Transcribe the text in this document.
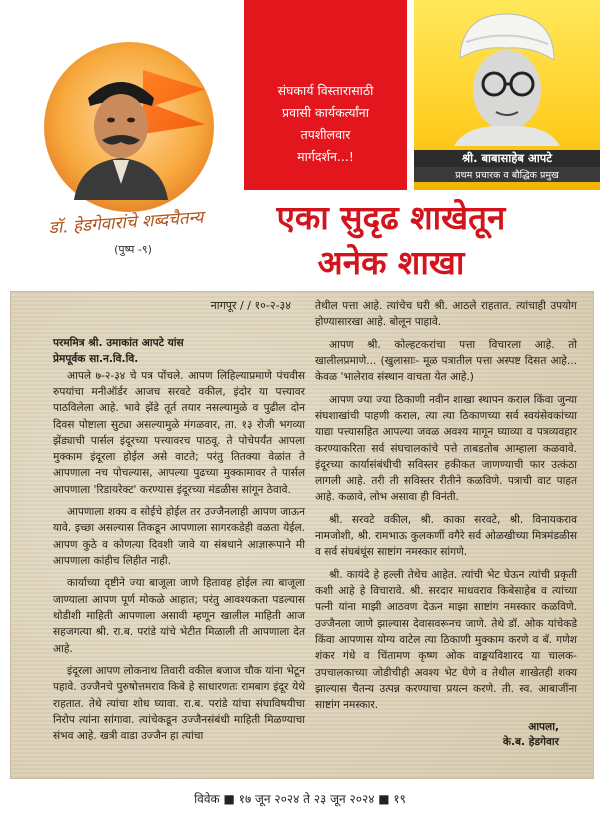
डॉ. हेडगेवारांचे शब्दचैतन्य
(पुष्प -९)
संघकार्य विस्तारासाठी
प्रवासी कार्यकर्त्यांना
तपशीलवार
मार्गदर्शन...!	श्री. बाबासाहेब आपटे
प्रथम प्रचारक व बौद्धिक प्रमुख
एका सुदृढ शाखेतून
अनेक शाखा
नागपूर / / १०-२-३४

परममित्र श्री. उमाकांत आपटे यांस

प्रेमपूर्वक सा.न.वि.वि.

आपले ७-२-३४ चे पत्र पोंचले. आपण लिहिल्याप्रमाणे पंचवीस रुपयांचा मनीऑर्डर आजच सरवटे वकील, इंदोर या पत्त्यावर पाठविलेला आहे. भावे झेंडे तूर्त तयार नसल्यामुळे व पुढील दोन दिवस पोष्टाला सुट्या असल्यामुळे मंगळवार, ता. १३ रोजी भगव्या झेंड्याची पार्सल इंदूरच्या पत्त्यावरच पाठवू. ते पोचेपर्यंत आपला मुक्काम इंदूरला होईल असे वाटते; परंतु तितक्या वेळांत ते आपणाला नच पोचल्यास, आपल्या पुढच्या मुक्कामावर ते पार्सल आपणाला 'रिडायरेक्ट' करण्यास इंदूरच्या मंडळीस सांगून ठेवावे.

आपणाला शक्य व सोईचे होईल तर उज्जैनलाही आपण जाऊन यावे. इच्छा असल्यास तिकडून आपणाला सागरकडेही वळता येईल. आपण कुठे व कोणत्या दिवशी जावे या संबधाने आज्ञारूपाने मी आपणाला कांहीच लिहीत नाही.

कार्याच्या दृष्टीने ज्या बाजूला जाणे हितावह होईल त्या बाजूला जाण्याला आपण पूर्ण मोकळे आहात; परंतु आवश्यकता पडल्यास थोडीशी माहिती आपणाला असावी म्हणून खालील माहिती आज सहजगत्या श्री. रा.ब. परांडे यांचे भेटीत मिळाली ती आपणाला देत आहे.

इंदूरला आपण लोकनाथ तिवारी वकील बजाज चौक यांना भेटून पहावे. उज्जैनचे पुरुषोत्तमराव किबे हे साधारणतः रामबाग इंदूर येथे राहतात. तेथे त्यांचा शोध घ्यावा. रा.ब. परांडे यांचा संघाविषयीचा निरोप त्यांना सांगावा. त्यांचेकडून उज्जैनसंबंधी माहिती मिळण्याचा संभव आहे. खत्री वाडा उज्जैन हा त्यांचा

तेथील पत्ता आहे. त्यांचेच घरी श्री. आठले राहतात. त्यांचाही उपयोग होण्यासारखा आहे. बोलून पाहावे.

आपण श्री. कोल्हटकरांचा पत्ता विचारला आहे. तो खालीलप्रमाणे... (खुलासाः- मूळ पत्रातील पत्ता अस्पष्ट दिसत आहे... केवळ 'भालेराव संस्थान वाचता येत आहे.)

आपण ज्या ज्या ठिकाणी नवीन शाखा स्थापन कराल किंवा जुन्या संघशाखांची पाहणी कराल, त्या त्या ठिकाणच्या सर्व स्वयंसेवकांच्या याद्या पत्त्यासहित आपल्या जवळ अवश्य मागून घ्याव्या व पत्रव्यवहार करण्याकरिता सर्व संघचालकांचे पत्ते ताबडतोब आम्हाला कळवावे. इंदूरच्या कार्यासंबंधीची सविस्तर हकीकत जाणण्याची फार उत्कंठा लागली आहे. तरी ती सविस्तर रीतीने कळविणे. पत्राची वाट पाहत आहे. कळावे, लोभ असावा ही विनंती.

श्री. सरवटे वकील, श्री. काका सरवटे, श्री. विनायकराव नामजोशी, श्री. रामभाऊ कुलकर्णी वगैरे सर्व ओळखीच्या मित्रमंडळीस व सर्व संघबंधूंस साष्टांग नमस्कार सांगणे.

श्री. कायंदे हे हल्ली तेथेच आहेत. त्यांची भेट घेऊन त्यांची प्रकृती कशी आहे हे विचारावे. श्री. सरदार माधवराव किबेसाहेब व त्यांच्या पत्नी यांना माझी आठवण देऊन माझा साष्टांग नमस्कार कळविणे. उज्जैनला जाणे झाल्यास देवासवरूनच जाणे. तेथे डॉ. ओक यांचेकडे किंवा आपणास योग्य वाटेल त्या ठिकाणी मुक्काम करणे व बॅ. गणेश शंकर गंधे व चिंतामण कृष्ण ओक वाङ्मयविशारद या चालक-उपचालकाच्या जोडीचीही अवश्य भेट घेणे व तेथील शाखेतही शक्य झाल्यास चैतन्य उत्पन्न करण्याचा प्रयत्न करणे. ती. स्व. आबाजींना साष्टांग नमस्कार.

आपला,
के.ब. हेडगेवार
विवेक ■ १७ जून २०२४ ते २३ जून २०२४ ■ १९
